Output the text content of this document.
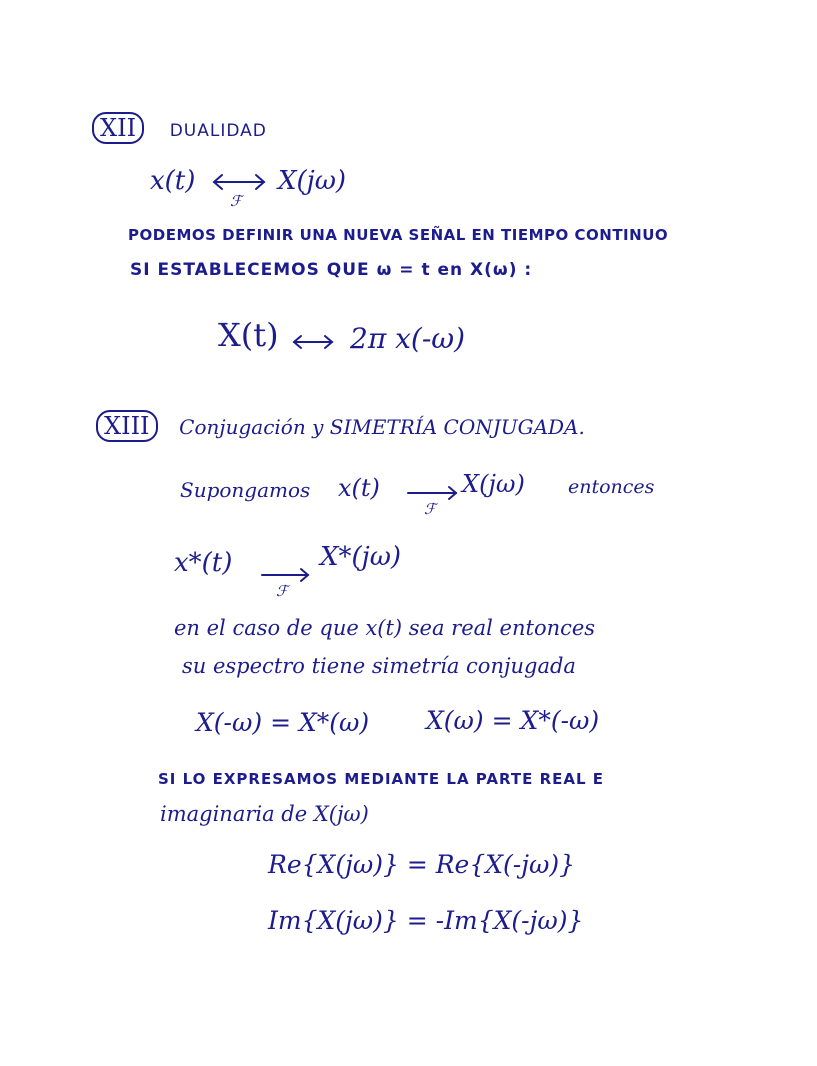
XII DUALIDAD
x(t)
ℱ
X(jω)
PODEMOS DEFINIR UNA NUEVA SEÑAL EN TIEMPO CONTINUO
SI ESTABLECEMOS QUE ω = t en X(ω) :
X(t)	2π x(-ω)
XIII Conjugación y SIMETRÍA CONJUGADA.
Supongamos x(t)
ℱ
X(jω) entonces
x*(t)
ℱ
X*(jω)
en el caso de que x(t) sea real entonces
su espectro tiene simetría conjugada
X(-ω) = X*(ω) X(ω) = X*(-ω)
SI LO EXPRESAMOS MEDIANTE LA PARTE REAL E
imaginaria de X(jω)
Re{X(jω)} = Re{X(-jω)}
Im{X(jω)} = -Im{X(-jω)}
